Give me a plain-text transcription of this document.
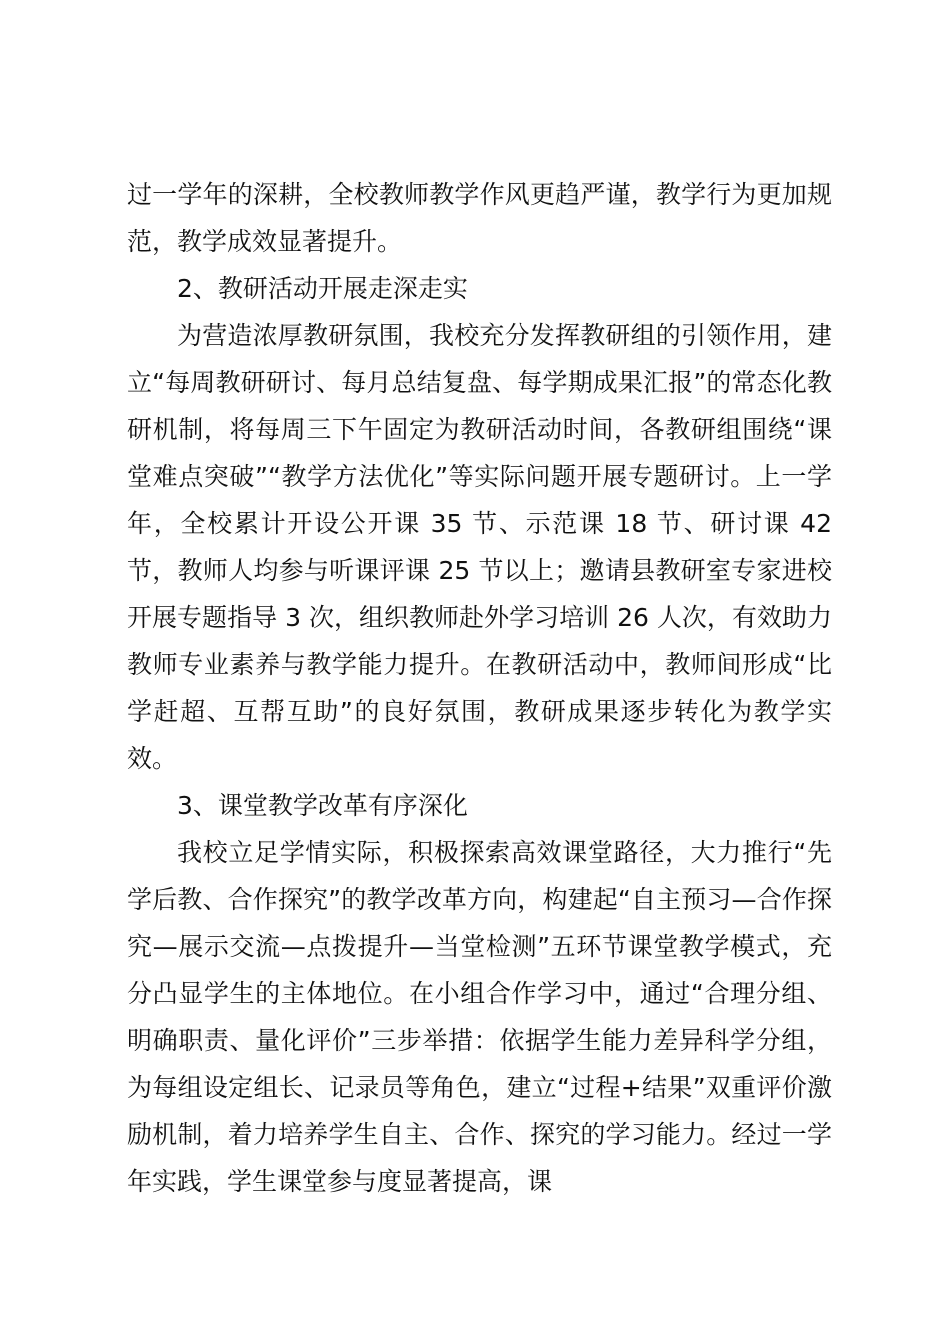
过一学年的深耕，全校教师教学作风更趋严谨，教学行为更加规范，教学成效显著提升。

2、教研活动开展走深走实

为营造浓厚教研氛围，我校充分发挥教研组的引领作用，建立“每周教研研讨、每月总结复盘、每学期成果汇报”的常态化教研机制，将每周三下午固定为教研活动时间，各教研组围绕“课堂难点突破”“教学方法优化”等实际问题开展专题研讨。上一学年，全校累计开设公开课 35 节、示范课 18 节、研讨课 42 节，教师人均参与听课评课 25 节以上；邀请县教研室专家进校开展专题指导 3 次，组织教师赴外学习培训 26 人次，有效助力教师专业素养与教学能力提升。在教研活动中，教师间形成“比学赶超、互帮互助”的良好氛围，教研成果逐步转化为教学实效。

3、课堂教学改革有序深化

我校立足学情实际，积极探索高效课堂路径，大力推行“先学后教、合作探究”的教学改革方向，构建起“自主预习—合作探究—展示交流—点拨提升—当堂检测”五环节课堂教学模式，充分凸显学生的主体地位。在小组合作学习中，通过“合理分组、明确职责、量化评价”三步举措：依据学生能力差异科学分组，为每组设定组长、记录员等角色，建立“过程+结果”双重评价激励机制，着力培养学生自主、合作、探究的学习能力。经过一学年实践，学生课堂参与度显著提高，课
